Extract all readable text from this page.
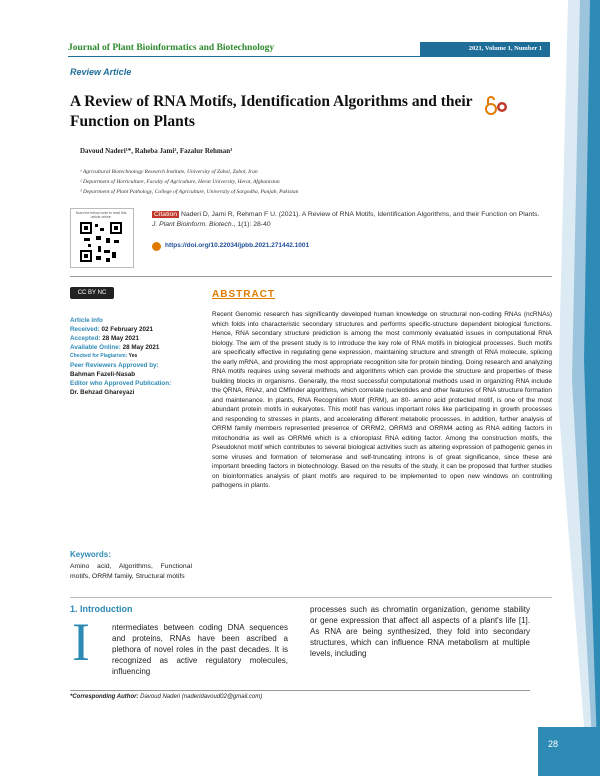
Journal of Plant Bioinformatics and Biotechnology	2021, Volume 1, Number 1
28
Review Article
A Review of RNA Motifs, Identification Algorithms and their Function on Plants
Davoud Naderi¹*, Raheba Jami², Fazalur Rehman³
¹ Agricultural Biotechnology Research Institute, University of Zabol, Zabol, Iran
² Department of Horticulture, Faculty of Agriculture, Herat University, Herat, Afghanistan
³ Department of Plant Pathology, College of Agriculture, University of Sargodha, Punjab, Pakistan
Scan the below code to read this article online	Citation Naderi D, Jami R, Rehman F U. (2021). A Review of RNA Motifs, Identification Algorithms, and their Function on Plants. J. Plant Bioinform. Biotech., 1(1): 28-40
https://doi.org/10.22034/jpbb.2021.271442.1001
CC BY NC	ABSTRACT
Recent Genomic research has significantly developed human knowledge on structural non-coding RNAs (ncRNAs) which folds into characteristic secondary structures and performs specific-structure dependent biological functions. Hence, RNA secondary structure prediction is among the most commonly evaluated issues in computational RNA biology. The aim of the present study is to introduce the key role of RNA motifs in biological processes. Such motifs are specifically effective in regulating gene expression, maintaining structure and strength of RNA molecule, splicing the early mRNA, and providing the most appropriate recognition site for protein binding. Doing research and analyzing RNA motifs requires using several methods and algorithms which can provide the structure and properties of these building blocks in organisms. Generally, the most successful computational methods used in organizing RNA include the QRNA, RNAz, and CMfinder algorithms, which correlate nucleotides and other features of RNA structure formation and maintenance. In plants, RNA Recognition Motif (RRM), an 80- amino acid protected motif, is one of the most abundant protein motifs in eukaryotes. This motif has various important roles like participating in growth processes and responding to stresses in plants, and accelerating different metabolic processes. In addition, further analysis of ORRM family members represented presence of ORRM2, ORRM3 and ORRM4 acting as RNA editing factors in mitochondria as well as ORRM6 which is a chloroplast RNA editing factor. Among the construction motifs, the Pseudoknot motif which contributes to several biological activities such as altering expression of pathogenic genes in some viruses and formation of telomerase and self-truncating introns is of great significance, since these are important breeding factors in biotechnology. Based on the results of the study, it can be proposed that further studies on bioinformatics analysis of plant motifs are required to be implemented to open new windows on controlling pathogens in plants.
Article info
Received: 02 February 2021
Accepted: 28 May 2021
Available Online: 28 May 2021
Checked for Plagiarism: Yes
Peer Reviewers Approved by:
Bahman Fazeli-Nasab
Editor who Approved Publication:
Dr. Behzad Ghareyazi
Keywords:
Amino acid, Algorithms, Functional motifs, ORRM family, Structural motifs
1. Introduction
I	ntermediates between coding DNA sequences and proteins, RNAs have been ascribed a plethora of novel roles in the past decades. It is recognized as active regulatory molecules, influencing
processes such as chromatin organization, genome stability or gene expression that affect all aspects of a plant's life [1]. As RNA are being synthesized, they fold into secondary structures, which can influence RNA metabolism at multiple levels, including
*Corresponding Author: Davoud Naderi (naderidavoud02@gmail.com)
